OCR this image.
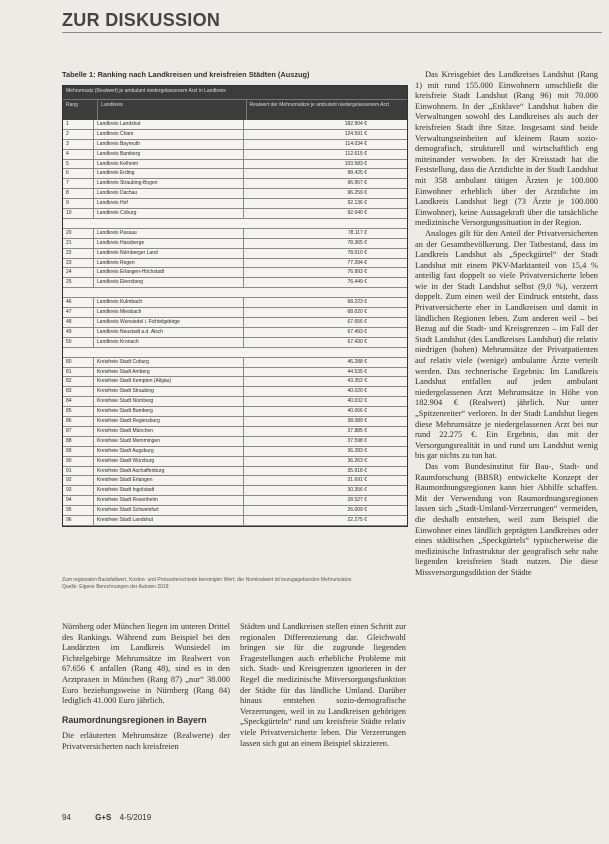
ZUR DISKUSSION
Tabelle 1: Ranking nach Landkreisen und kreisfreien Städten (Auszug)
Mehrumsatz (Realwert) je ambulant niedergelassenem Arzt in Landkreis
Rang	Landkreis	Realwert der Mehrumsätze je ambulant niedergelassenem Arzt
1	Landkreis Landshut	182.904 €
2	Landkreis Cham	124.591 €
3	Landkreis Bayreuth	114.034 €
4	Landkreis Bamberg	112.615 €
5	Landkreis Kelheim	103.583 €
6	Landkreis Erding	98.425 €
7	Landkreis Straubing-Bogen	96.957 €
8	Landkreis Dachau	96.259 €
9	Landkreis Hof	92.136 €
10	Landkreis Coburg	92.040 €
20	Landkreis Passau	78.117 €
21	Landkreis Hassberge	78.365 €
22	Landkreis Nürnberger Land	78.010 €
23	Landkreis Regen	77.394 €
24	Landkreis Erlangen-Höchstadt	76.993 €
25	Landkreis Ebersberg	76.449 €
46	Landkreis Kulmbach	68.223 €
47	Landkreis Miesbach	68.020 €
48	Landkreis Wunsiedel i. Fichtelgebirge	67.656 €
49	Landkreis Neustadt a.d. Aisch	67.493 €
50	Landkreis Kronach	67.430 €
80	Kreisfreie Stadt Coburg	46.288 €
81	Kreisfreie Stadt Amberg	44.535 €
82	Kreisfreie Stadt Kempten (Allgäu)	43.352 €
83	Kreisfreie Stadt Straubing	40.020 €
84	Kreisfreie Stadt Nürnberg	40.032 €
85	Kreisfreie Stadt Bamberg	40.066 €
86	Kreisfreie Stadt Regensburg	38.089 €
87	Kreisfreie Stadt München	37.885 €
88	Kreisfreie Stadt Memmingen	37.598 €
89	Kreisfreie Stadt Augsburg	36.283 €
90	Kreisfreie Stadt Würzburg	36.263 €
91	Kreisfreie Stadt Aschaffenburg	35.918 €
92	Kreisfreie Stadt Erlangen	31.691 €
93	Kreisfreie Stadt Ingolstadt	30.356 €
94	Kreisfreie Stadt Rosenheim	28.527 €
95	Kreisfreie Stadt Schweinfurt	26.009 €
96	Kreisfreie Stadt Landshut	22.275 €
Zum regionalen Basisfallwert, Kosten- und Preisunterschiede bereinigter Wert; der Nominalwert ist bezugsgebunden Mehrumsätze.
Quelle: Eigene Berechnungen der Autoren 2018

Das Kreisgebiet des Landkreises Landshut (Rang 1) mit rund 155.000 Einwohnern umschließt die kreisfreie Stadt Landshut (Rang 96) mit 70.000 Einwohnern. In der „Enklave“ Landshut haben die Verwaltungen sowohl des Landkreises als auch der kreisfreien Stadt ihre Sitze. Insgesamt sind beide Verwaltungseinheiten auf kleinem Raum sozio-demografisch, strukturell und wirtschaftlich eng miteinander verwoben. In der Kreisstadt hat die Feststellung, dass die Arztdichte in der Stadt Landshut mit 358 ambulant tätigen Ärzten je 100.000 Einwohner erheblich über der Arztdichte im Landkreis Landshut liegt (73 Ärzte je 100.000 Einwohner), keine Aussagekraft über die tatsächliche medizinische Versorgungssituation in der Region.

Analoges gilt für den Anteil der Privatversicherten an der Gesamtbevölkerung. Der Tatbestand, dass im Landkreis Landshut als „Speckgürtel“ der Stadt Landshut mit einem PKV-Marktanteil von 15,4 % anteilig fast doppelt so viele Privatversicherte leben wie in der Stadt Landshut selbst (9,0 %), verzerrt doppelt. Zum einen weil der Eindruck entsteht, dass Privatversicherte eher in Landkreisen und damit in ländlichen Regionen leben. Zum anderen weil – bei Bezug auf die Stadt- und Kreisgrenzen – im Fall der Stadt Landshut (des Landkreises Landshut) die relativ niedrigen (hohen) Mehrumsätze der Privatpatienten auf relativ viele (wenige) ambulante Ärzte verteilt werden. Das rechnerische Ergebnis: Im Landkreis Landshut entfallen auf jeden ambulant niedergelassenen Arzt Mehrumsätze in Höhe von 182.904 € (Realwert) jährlich. Nur unter „Spitzenreiter“ verloren. In der Stadt Landshut liegen diese Mehrumsätze je niedergelassenen Arzt bei nur rund 22.275 €. Ein Ergebnis, das mit der Versorgungsrealität in und rund um Landshut wenig bis gar nichts zu tun hat.

Das vom Bundesinstitut für Bau-, Stadt- und Raumforschung (BBSR) entwickelte Konzept der Raumordnungsregionen kann hier Abhilfe schaffen. Mit der Verwendung von Raumordnungsregionen lassen sich „Stadt-Umland-Verzerrungen“ vermeiden, die deshalb entstehen, weil zum Beispiel die Einwohner eines ländlich geprägten Landkreises oder eines städtischen „Speckgürtels“ typischerweise die medizinische Infrastruktur der geografisch sehr nahe liegenden kreisfreien Stadt nutzen. Die diese Missversorgungsdiktion der Städte

Nürnberg oder München liegen im unteren Drittel des Rankings. Während zum Beispiel bei den Landärzten im Landkreis Wunsiedel im Fichtelgebirge Mehrumsätze im Realwert von 67.656 € anfallen (Rang 48), sind es in den Arztpraxen in München (Rang 87) „nur“ 38.000 Euro beziehungsweise in Nürnberg (Rang 84) lediglich 41.000 Euro jährlich.

Raumordnungsregionen in Bayern

Die erläuterten Mehrumsätze (Realwerte) der Privatversicherten nach kreisfreien

Städten und Landkreisen stellen einen Schritt zur regionalen Differenzierung dar. Gleichwohl bringen sie für die zugrunde liegenden Fragestellungen auch erhebliche Probleme mit sich. Stadt- und Kreisgrenzen ignorieren in der Regel die medizinische Mitversorgungsfunktion der Städte für das ländliche Umland. Darüber hinaus entstehen sozio-demografische Verzerrungen, weil in zu Landkreisen gehörigen „Speckgürteln“ rund um kreisfreie Städte relativ viele Privatversicherte leben. Die Verzerrungen lassen sich gut an einem Beispiel skizzieren.

94	G+S 4-5/2019
